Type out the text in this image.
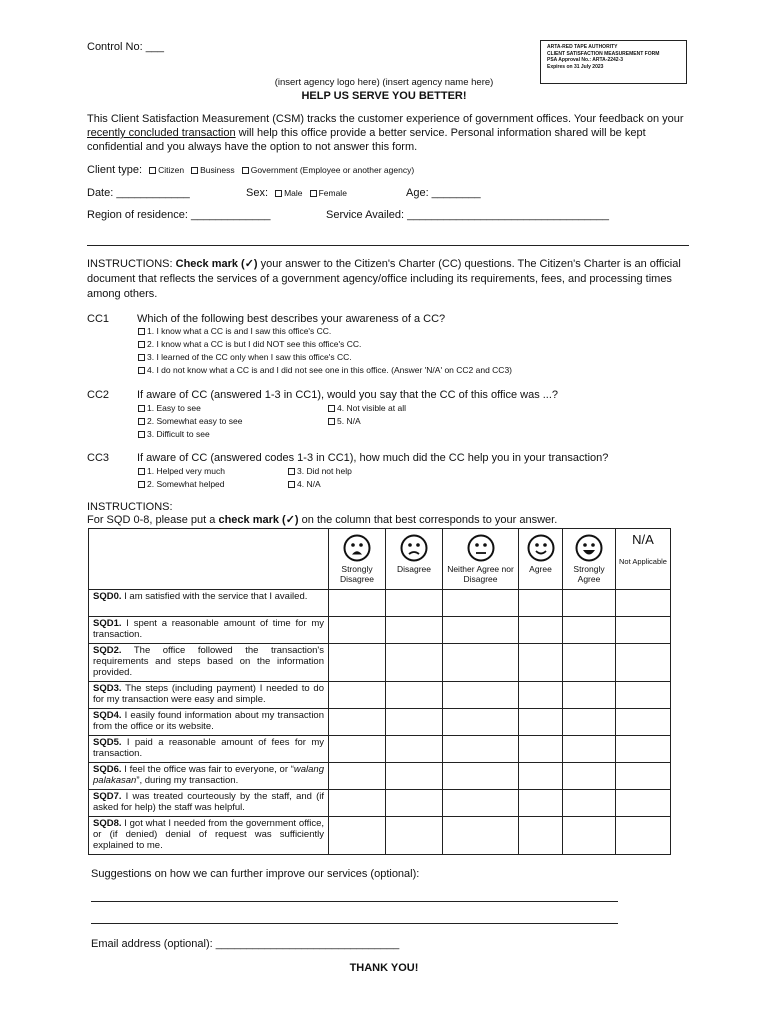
Control No: ___	ARTA-RED TAPE AUTHORITY
CLIENT SATISFACTION MEASUREMENT FORM
PSA Approval No.: ARTA-2242-3
Expires on 31 July 2023
(insert agency logo here) (insert agency name here)
HELP US SERVE YOU BETTER!
This Client Satisfaction Measurement (CSM) tracks the customer experience of government offices. Your feedback on your recently concluded transaction will help this office provide a better service. Personal information shared will be kept confidential and you always have the option to not answer this form.
Client type: Citizen Business Government (Employee or another agency)
Date: ____________	Sex: Male Female	Age: ________
Region of residence: _____________	Service Availed: _________________________________
INSTRUCTIONS: Check mark (✓) your answer to the Citizen's Charter (CC) questions. The Citizen's Charter is an official document that reflects the services of a government agency/office including its requirements, fees, and processing times among others.
CC1	Which of the following best describes your awareness of a CC?
1. I know what a CC is and I saw this office's CC.
2. I know what a CC is but I did NOT see this office's CC.
3. I learned of the CC only when I saw this office's CC.
4. I do not know what a CC is and I did not see one in this office. (Answer 'N/A' on CC2 and CC3)
CC2	If aware of CC (answered 1-3 in CC1), would you say that the CC of this office was ...?
1. Easy to see
2. Somewhat easy to see
3. Difficult to see
4. Not visible at all
5. N/A
CC3	If aware of CC (answered codes 1-3 in CC1), how much did the CC help you in your transaction?
1. Helped very much
2. Somewhat helped
3. Did not help
4. N/A
INSTRUCTIONS:
For SQD 0-8, please put a check mark (✓) on the column that best corresponds to your answer.

Strongly Disagree	Disagree	Neither Agree nor Disagree	Agree	Strongly Agree	N/A
Not Applicable

SQD0. I am satisfied with the service that I availed.						
SQD1. I spent a reasonable amount of time for my transaction.						
SQD2. The office followed the transaction's requirements and steps based on the information provided.						
SQD3. The steps (including payment) I needed to do for my transaction were easy and simple.						
SQD4. I easily found information about my transaction from the office or its website.						
SQD5. I paid a reasonable amount of fees for my transaction.						
SQD6. I feel the office was fair to everyone, or “walang palakasan”, during my transaction.						
SQD7. I was treated courteously by the staff, and (if asked for help) the staff was helpful.						
SQD8. I got what I needed from the government office, or (if denied) denial of request was sufficiently explained to me.						
Suggestions on how we can further improve our services (optional):
Email address (optional): ______________________________
THANK YOU!
